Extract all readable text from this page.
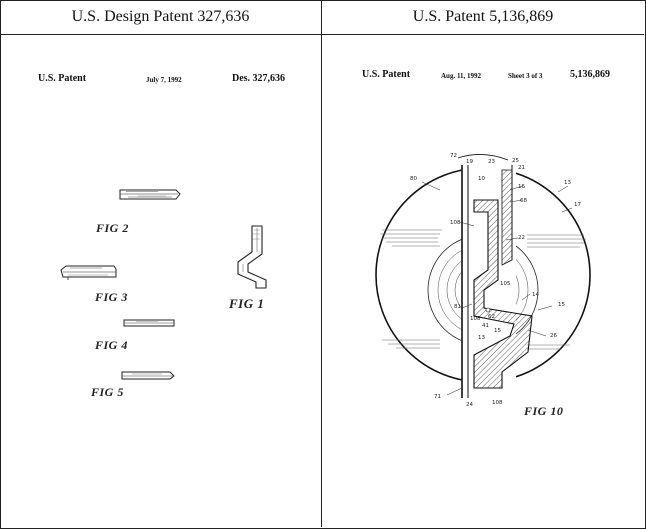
U.S. Design Patent 327,636	U.S. Patent 5,136,869
U.S. Patent	July 7, 1992	Des. 327,636
FIG 2
FIG 3
FIG 4
FIG 5
FIG 1
U.S. Patent	Aug. 11, 1992	Sheet 3 of 3	5,136,869
72
19	23	25
21
80	10
16
13
68
17
108
22
105
81
14
15
108 62
41
15
26
13
71
24	108
FIG 10
